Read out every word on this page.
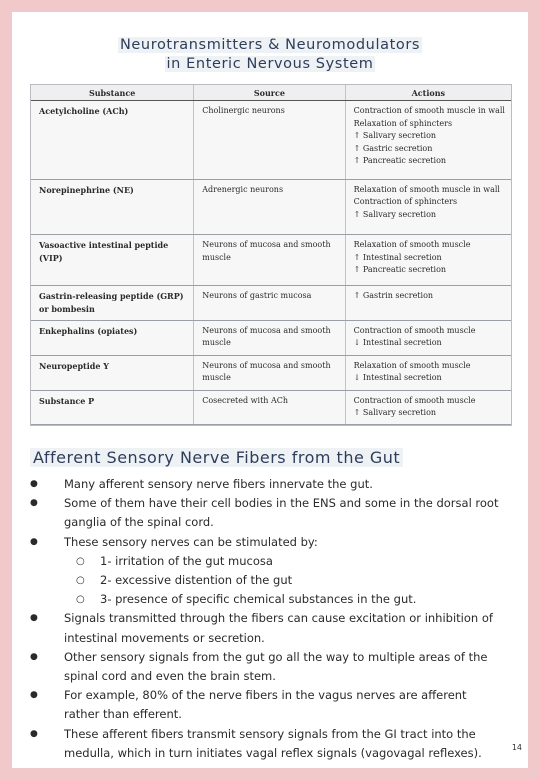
Neurotransmitters & Neuromodulators
in Enteric Nervous System
Substance	Source	Actions
Acetylcholine (ACh)	Cholinergic neurons	Contraction of smooth muscle in wall
Relaxation of sphincters
↑ Salivary secretion
↑ Gastric secretion
↑ Pancreatic secretion

Norepinephrine (NE)	Adrenergic neurons	Relaxation of smooth muscle in wall
Contraction of sphincters
↑ Salivary secretion

Vasoactive intestinal peptide (VIP)	Neurons of mucosa and smooth muscle	Relaxation of smooth muscle
↑ Intestinal secretion
↑ Pancreatic secretion

Gastrin-releasing peptide (GRP) or bombesin	Neurons of gastric mucosa	↑ Gastrin secretion

Enkephalins (opiates)	Neurons of mucosa and smooth muscle	Contraction of smooth muscle
↓ Intestinal secretion

Neuropeptide Y	Neurons of mucosa and smooth muscle	Relaxation of smooth muscle
↓ Intestinal secretion

Substance P	Cosecreted with ACh	Contraction of smooth muscle
↑ Salivary secretion
Afferent Sensory Nerve Fibers from the Gut
● Many afferent sensory nerve fibers innervate the gut.
● Some of them have their cell bodies in the ENS and some in the dorsal root ganglia of the spinal cord.
● These sensory nerves can be stimulated by:
○ 1- irritation of the gut mucosa
○ 2- excessive distention of the gut
○ 3- presence of specific chemical substances in the gut.
● Signals transmitted through the fibers can cause excitation or inhibition of intestinal movements or secretion.
● Other sensory signals from the gut go all the way to multiple areas of the spinal cord and even the brain stem.
● For example, 80% of the nerve fibers in the vagus nerves are afferent rather than efferent.
● These afferent fibers transmit sensory signals from the GI tract into the medulla, which in turn initiates vagal reflex signals (vagovagal reflexes).	14
